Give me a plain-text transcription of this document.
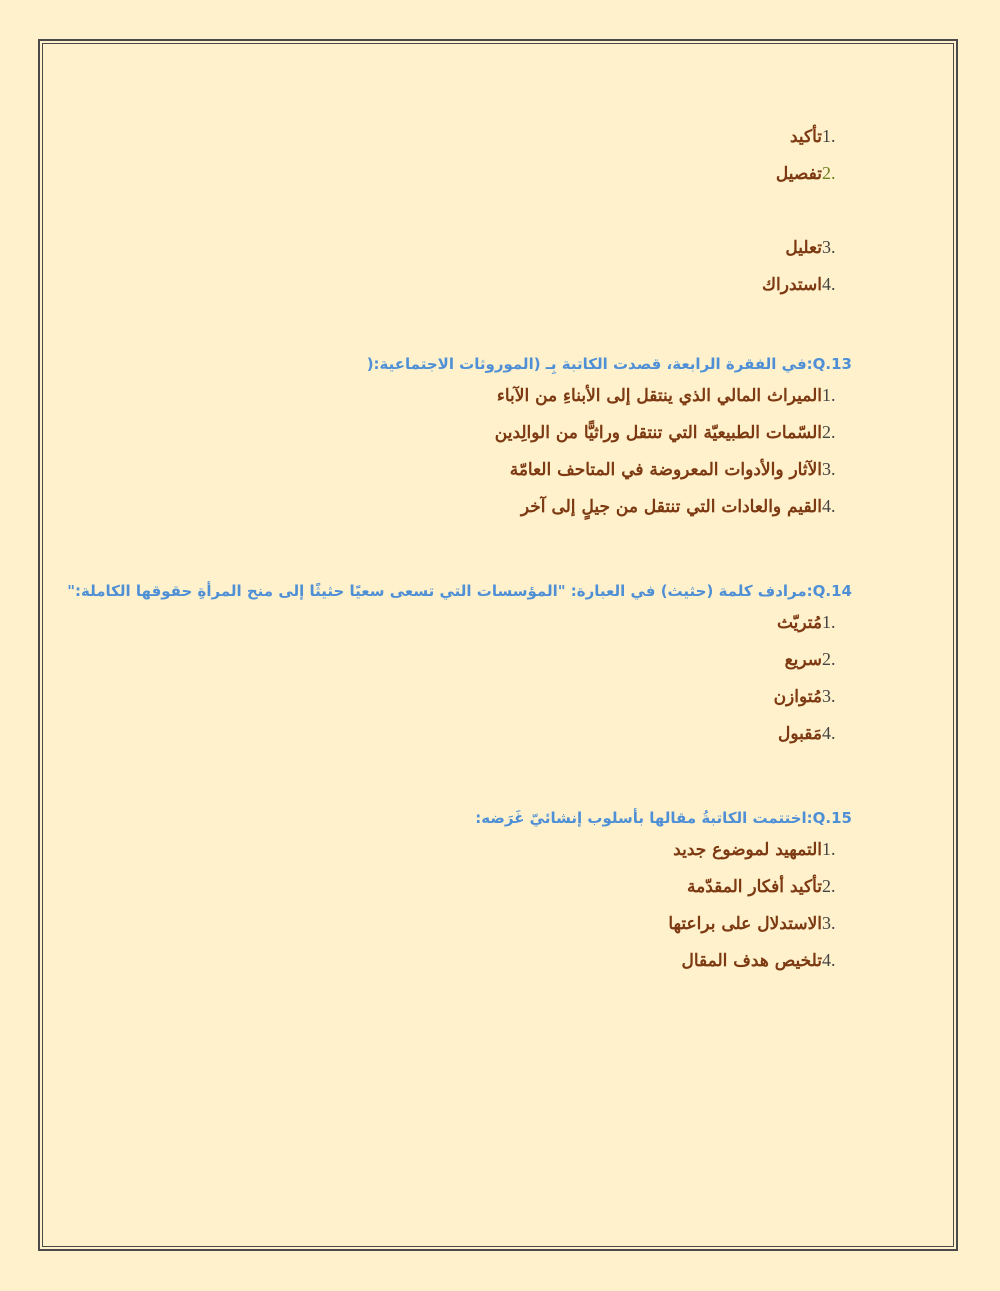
1.تأكيد
2.تفصيل
3.تعليل
4.استدراك
:Q.13في الفقرة الرابعة، قصدت الكاتبة بِـ (الموروثات الاجتماعية:(
1.الميراث المالي الذي ينتقل إلى الأبناءِ من الآباء
2.السّمات الطبيعيّة التي تنتقل وراثيًّا من الوالِدين
3.الآثار والأدوات المعروضة في المتاحف العامّة
4.القيم والعادات التي تنتقل من جيلٍ إلى آخر
:Q.14مرادف كلمة (حثيث) في العبارة: "المؤسسات التي تسعى سعيًا حثيثًا إلى منح المرأةِ حقوقها الكاملة:"
1.مُتريّث
2.سريع
3.مُتوازن
4.مَقبول
:Q.15اختتمت الكاتبةُ مقالها بأسلوب إنشائيّ غَرَضه:
1.التمهيد لموضوع جديد
2.تأكيد أفكار المقدّمة
3.الاستدلال على براعتها
4.تلخيص هدف المقال
